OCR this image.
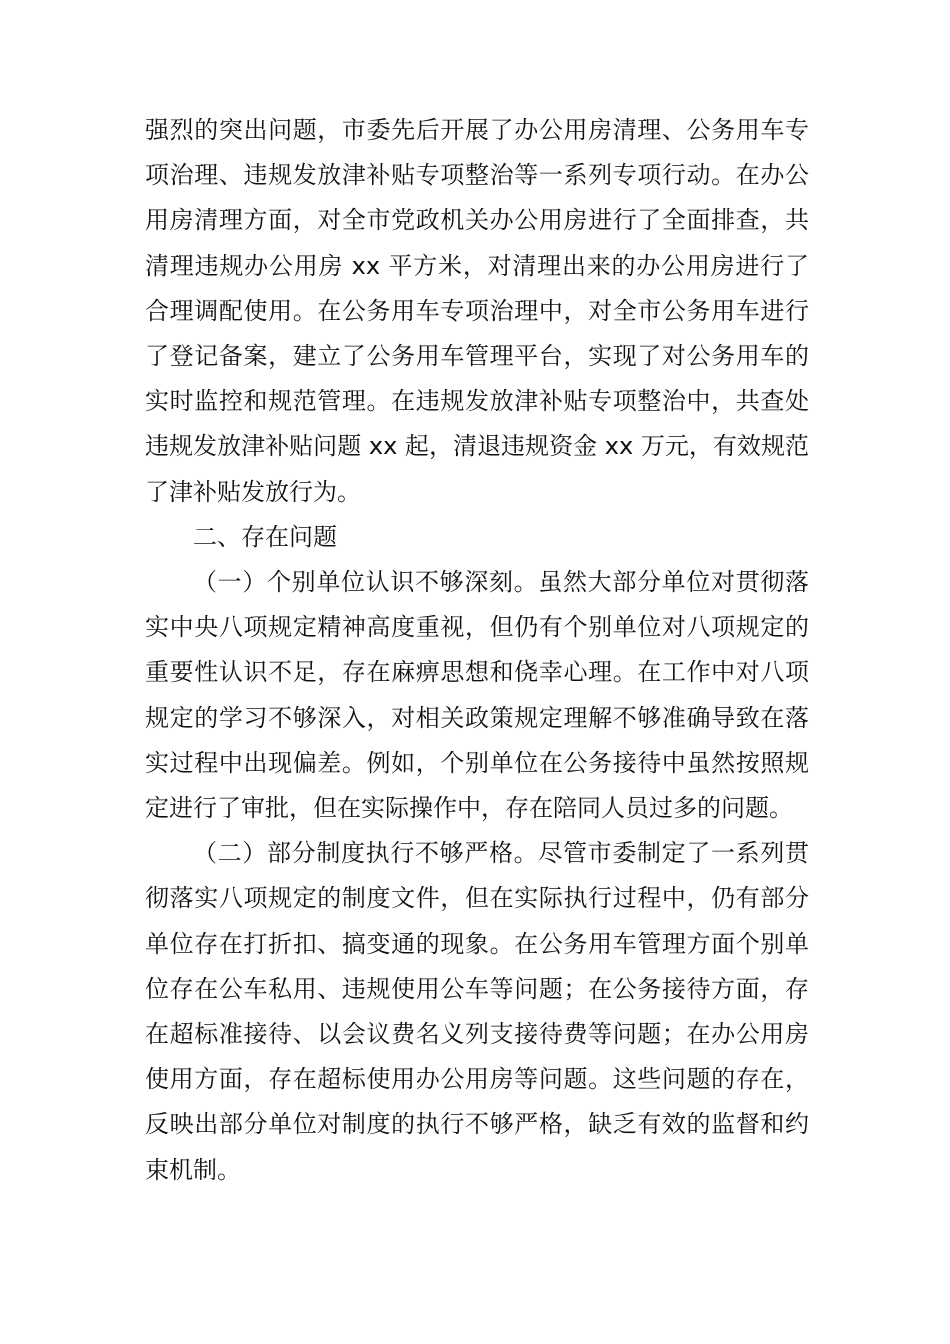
强烈的突出问题，市委先后开展了办公用房清理、公务用车专项治理、违规发放津补贴专项整治等一系列专项行动。在办公用房清理方面，对全市党政机关办公用房进行了全面排查，共清理违规办公用房 xx 平方米，对清理出来的办公用房进行了合理调配使用。在公务用车专项治理中，对全市公务用车进行了登记备案，建立了公务用车管理平台，实现了对公务用车的实时监控和规范管理。在违规发放津补贴专项整治中，共查处违规发放津补贴问题 xx 起，清退违规资金 xx 万元，有效规范了津补贴发放行为。

二、存在问题

（一）个别单位认识不够深刻。虽然大部分单位对贯彻落实中央八项规定精神高度重视，但仍有个别单位对八项规定的重要性认识不足，存在麻痹思想和侥幸心理。在工作中对八项规定的学习不够深入，对相关政策规定理解不够准确导致在落实过程中出现偏差。例如，个别单位在公务接待中虽然按照规定进行了审批，但在实际操作中，存在陪同人员过多的问题。

（二）部分制度执行不够严格。尽管市委制定了一系列贯彻落实八项规定的制度文件，但在实际执行过程中，仍有部分单位存在打折扣、搞变通的现象。在公务用车管理方面个别单位存在公车私用、违规使用公车等问题；在公务接待方面，存在超标准接待、以会议费名义列支接待费等问题；在办公用房使用方面，存在超标使用办公用房等问题。这些问题的存在，反映出部分单位对制度的执行不够严格，缺乏有效的监督和约束机制。
